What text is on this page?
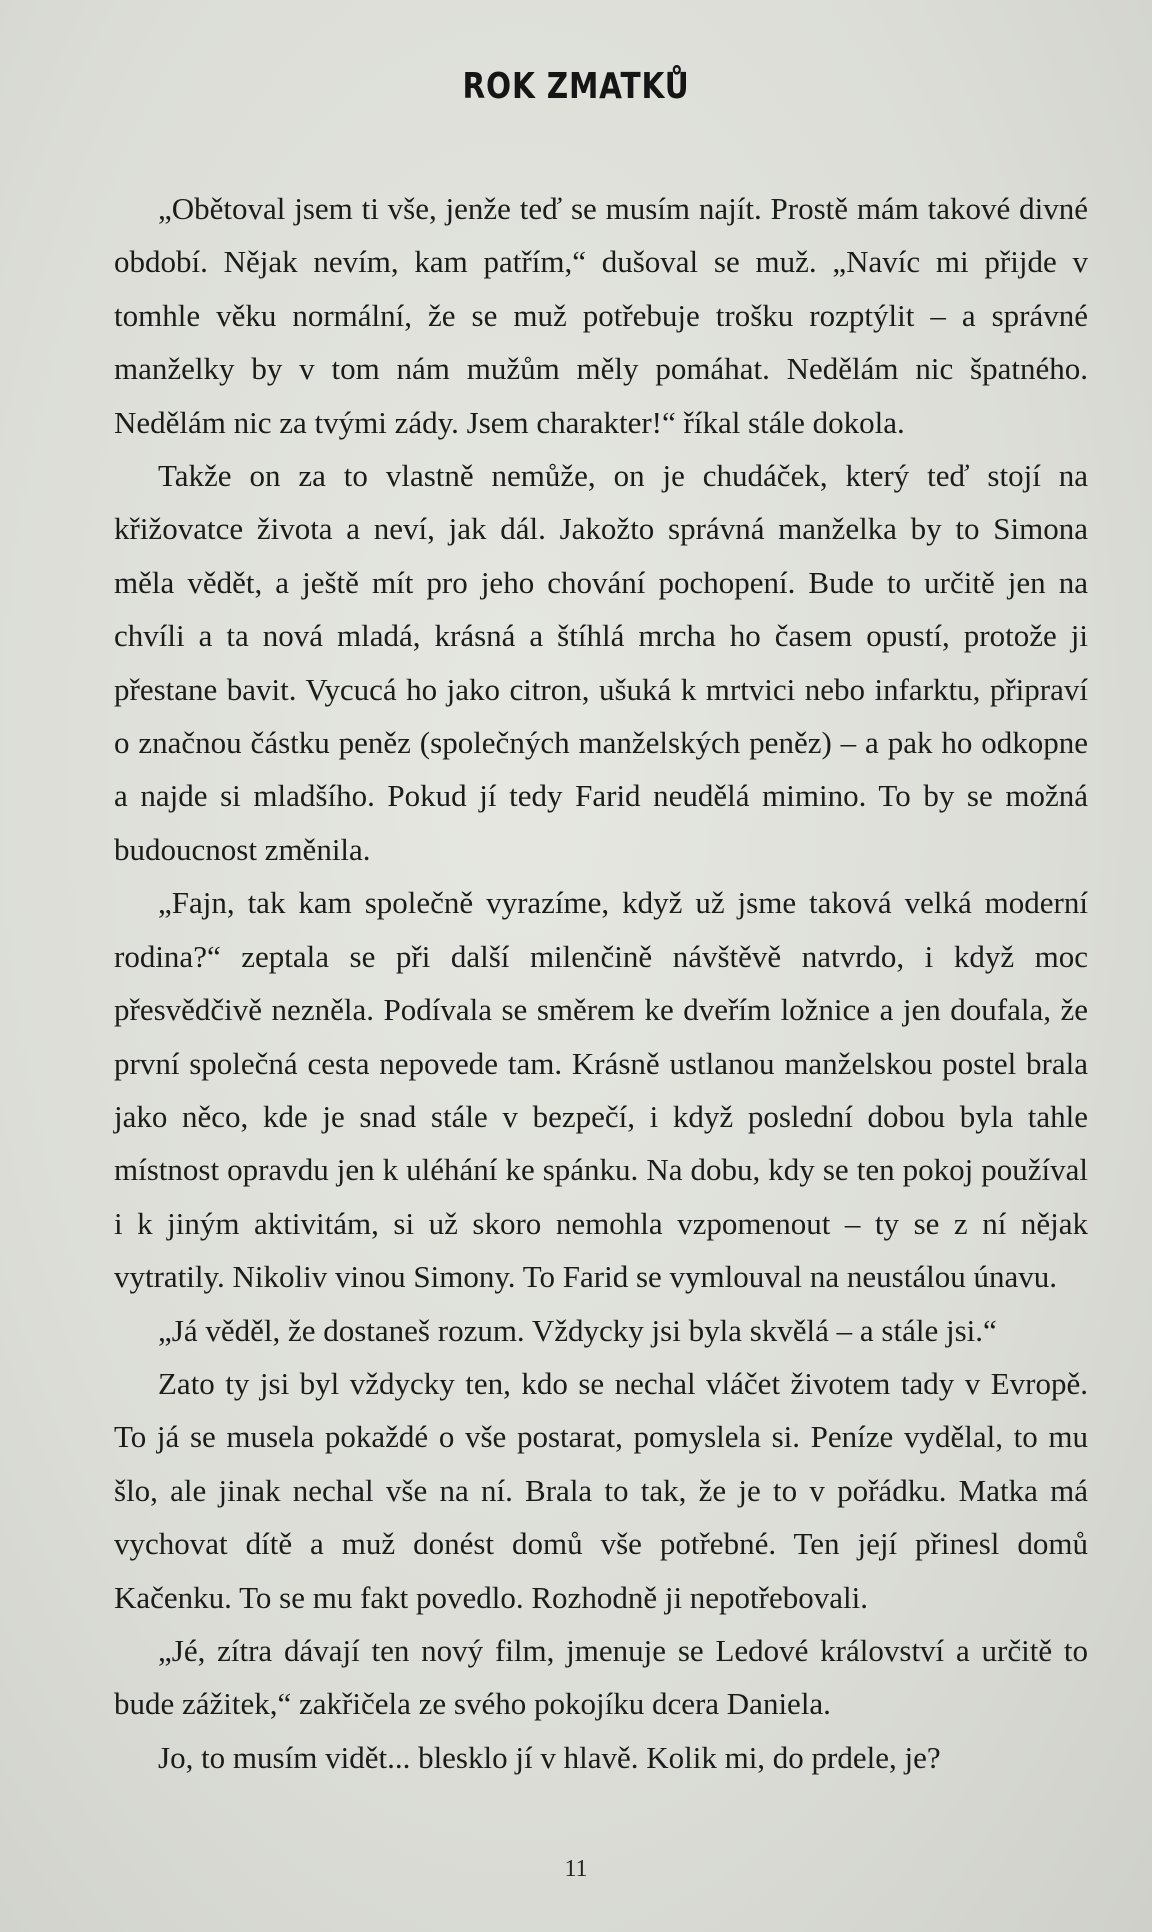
ROK ZMATKŮ

„Obětoval jsem ti vše, jenže teď se musím najít. Prostě mám takové divné období. Nějak nevím, kam patřím,“ dušoval se muž. „Navíc mi přijde v tomhle věku normální, že se muž potřebuje trošku rozptýlit – a správné manželky by v tom nám mužům měly pomáhat. Nedělám nic špatného. Nedělám nic za tvými zády. Jsem charakter!“ říkal stále dokola.

Takže on za to vlastně nemůže, on je chudáček, který teď stojí na křižovatce života a neví, jak dál. Jakožto správná manželka by to Simona měla vědět, a ještě mít pro jeho chování pochopení. Bude to určitě jen na chvíli a ta nová mladá, krásná a štíhlá mrcha ho časem opustí, protože ji přestane bavit. Vycucá ho jako citron, ušuká k mrtvici nebo infarktu, připraví o značnou částku peněz (společných manželských peněz) – a pak ho odkopne a najde si mladšího. Pokud jí tedy Farid neudělá mimino. To by se možná budoucnost změnila.

„Fajn, tak kam společně vyrazíme, když už jsme taková velká moderní rodina?“ zeptala se při další milenčině návštěvě natvrdo, i když moc přesvědčivě nezněla. Podívala se směrem ke dveřím ložnice a jen doufala, že první společná cesta nepovede tam. Krásně ustlanou manželskou postel brala jako něco, kde je snad stále v bezpečí, i když poslední dobou byla tahle místnost opravdu jen k uléhání ke spánku. Na dobu, kdy se ten pokoj používal i k jiným aktivitám, si už skoro nemohla vzpomenout – ty se z ní nějak vytratily. Nikoliv vinou Simony. To Farid se vymlouval na neustálou únavu.

„Já věděl, že dostaneš rozum. Vždycky jsi byla skvělá – a stále jsi.“

Zato ty jsi byl vždycky ten, kdo se nechal vláčet životem tady v Evropě. To já se musela pokaždé o vše postarat, pomyslela si. Peníze vydělal, to mu šlo, ale jinak nechal vše na ní. Brala to tak, že je to v pořádku. Matka má vychovat dítě a muž donést domů vše potřebné. Ten její přinesl domů Kačenku. To se mu fakt povedlo. Rozhodně ji nepotřebovali.

„Jé, zítra dávají ten nový film, jmenuje se Ledové království a určitě to bude zážitek,“ zakřičela ze svého pokojíku dcera Daniela.

Jo, to musím vidět... blesklo jí v hlavě. Kolik mi, do prdele, je?

11
